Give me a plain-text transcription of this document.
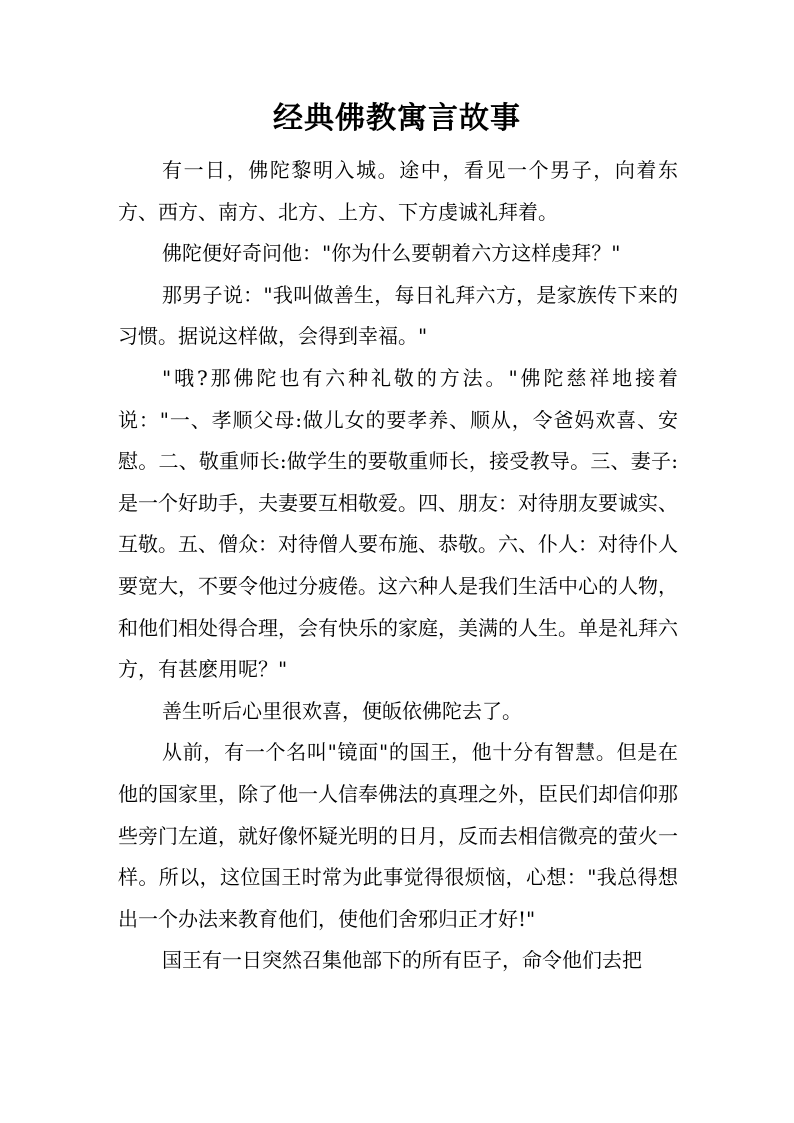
经典佛教寓言故事

有一日，佛陀黎明入城。途中，看见一个男子，向着东方、西方、南方、北方、上方、下方虔诚礼拜着。

佛陀便好奇问他："你为什么要朝着六方这样虔拜？"

那男子说："我叫做善生，每日礼拜六方，是家族传下来的习惯。据说这样做，会得到幸福。"

"哦?那佛陀也有六种礼敬的方法。"佛陀慈祥地接着说："一、孝顺父母:做儿女的要孝养、顺从，令爸妈欢喜、安慰。二、敬重师长:做学生的要敬重师长，接受教导。三、妻子:是一个好助手，夫妻要互相敬爱。四、朋友：对待朋友要诚实、互敬。五、僧众：对待僧人要布施、恭敬。六、仆人：对待仆人要宽大，不要令他过分疲倦。这六种人是我们生活中心的人物，和他们相处得合理，会有快乐的家庭，美满的人生。单是礼拜六方，有甚麽用呢？"

善生听后心里很欢喜，便皈依佛陀去了。

从前，有一个名叫"镜面"的国王，他十分有智慧。但是在他的国家里，除了他一人信奉佛法的真理之外，臣民们却信仰那些旁门左道，就好像怀疑光明的日月，反而去相信微亮的萤火一样。所以，这位国王时常为此事觉得很烦恼，心想："我总得想出一个办法来教育他们，使他们舍邪归正才好!"

国王有一日突然召集他部下的所有臣子，命令他们去把
